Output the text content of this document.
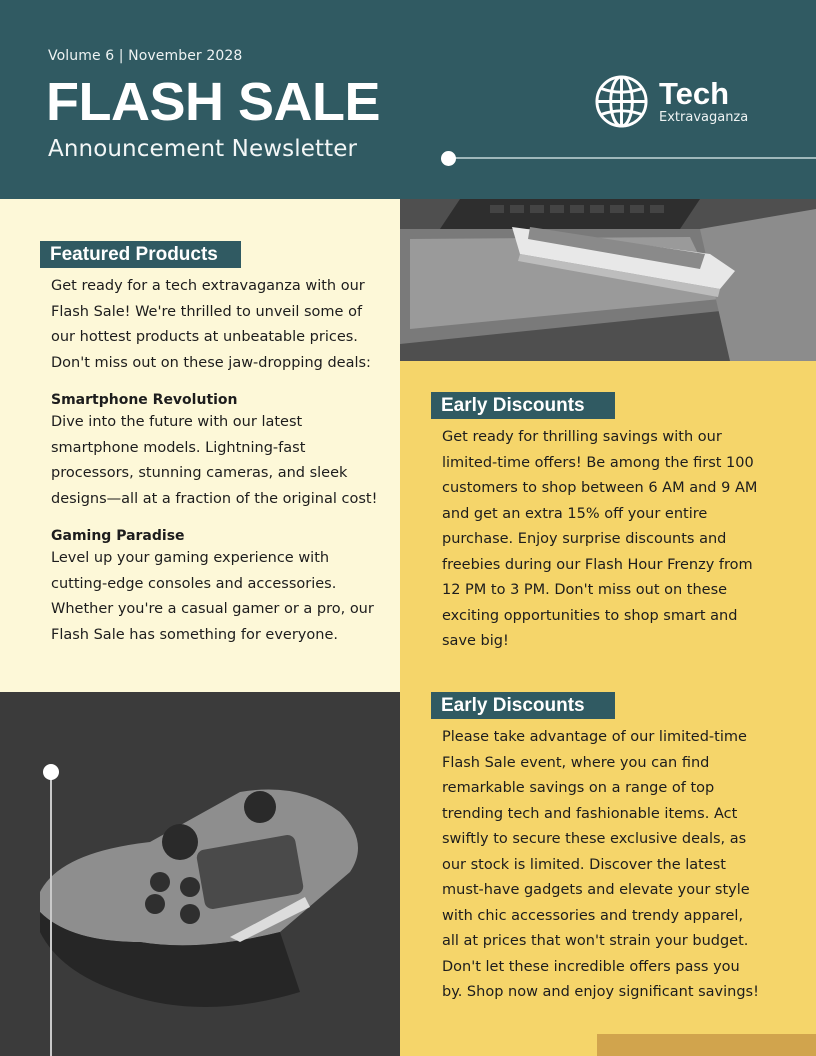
Volume 6 | November 2028
FLASH SALE
Announcement Newsletter
Tech
Extravaganza
Featured Products

Get ready for a tech extravaganza with our Flash Sale! We're thrilled to unveil some of our hottest products at unbeatable prices. Don't miss out on these jaw-dropping deals:

Smartphone Revolution

Dive into the future with our latest smartphone models. Lightning-fast processors, stunning cameras, and sleek designs—all at a fraction of the original cost!

Gaming Paradise

Level up your gaming experience with cutting-edge consoles and accessories. Whether you're a casual gamer or a pro, our Flash Sale has something for everyone.

Early Discounts
Get ready for thrilling savings with our limited-time offers! Be among the first 100 customers to shop between 6 AM and 9 AM and get an extra 15% off your entire purchase. Enjoy surprise discounts and freebies during our Flash Hour Frenzy from 12 PM to 3 PM. Don't miss out on these exciting opportunities to shop smart and save big!
Early Discounts
Please take advantage of our limited-time Flash Sale event, where you can find remarkable savings on a range of top trending tech and fashionable items. Act swiftly to secure these exclusive deals, as our stock is limited. Discover the latest must-have gadgets and elevate your style with chic accessories and trendy apparel, all at prices that won't strain your budget. Don't let these incredible offers pass you by. Shop now and enjoy significant savings!
